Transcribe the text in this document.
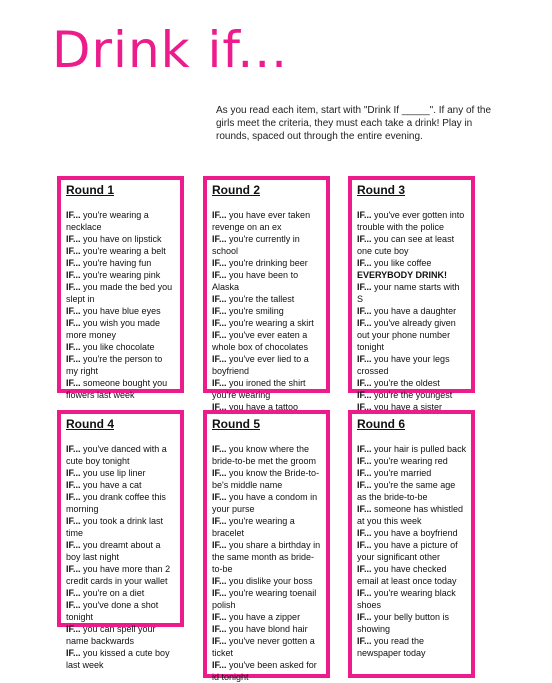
Drink if...
As you read each item, start with "Drink If _____". If any of the girls meet the criteria, they must each take a drink! Play in rounds, spaced out through the entire evening.
Round 1
IF... you're wearing a necklace
IF... you have on lipstick
IF... you're wearing a belt
IF... you're having fun
IF... you're wearing pink
IF... you made the bed you slept in
IF... you have blue eyes
IF... you wish you made more money
IF... you like chocolate
IF... you're the person to my right
IF... someone bought you flowers last week
Round 2
IF... you have ever taken revenge on an ex
IF... you're currently in school
IF... you're drinking beer
IF... you have been to Alaska
IF... you're the tallest
IF... you're smiling
IF... you're wearing a skirt
IF... you've ever eaten a whole box of chocolates
IF... you've ever lied to a boyfriend
IF... you ironed the shirt you're wearing
IF... you have a tattoo
Round 3
IF... you've ever gotten into trouble with the police
IF... you can see at least one cute boy
IF... you like coffee
EVERYBODY DRINK!
IF... your name starts with S
IF... you have a daughter
IF... you've already given out your phone number tonight
IF... you have your legs crossed
IF... you're the oldest
IF... you're the youngest
IF... you have a sister
Round 4
IF... you've danced with a cute boy tonight
IF... you use lip liner
IF... you have a cat
IF... you drank coffee this morning
IF... you took a drink last time
IF... you dreamt about a boy last night
IF... you have more than 2 credit cards in your wallet
IF... you're on a diet
IF... you've done a shot tonight
IF... you can spell your name backwards
IF... you kissed a cute boy last week
Round 5
IF... you know where the bride-to-be met the groom
IF... you know the Bride-to-be's middle name
IF... you have a condom in your purse
IF... you're wearing a bracelet
IF... you share a birthday in the same month as bride-to-be
IF... you dislike your boss
IF... you're wearing toenail polish
IF... you have a zipper
IF... you have blond hair
IF... you've never gotten a ticket
IF... you've been asked for id tonight
Round 6
IF... your hair is pulled back
IF... you're wearing red
IF... you're married
IF... you're the same age as the bride-to-be
IF... someone has whistled at you this week
IF... you have a boyfriend
IF... you have a picture of your significant other
IF... you have checked email at least once today
IF... you're wearing black shoes
IF... your belly button is showing
IF... you read the newspaper today
